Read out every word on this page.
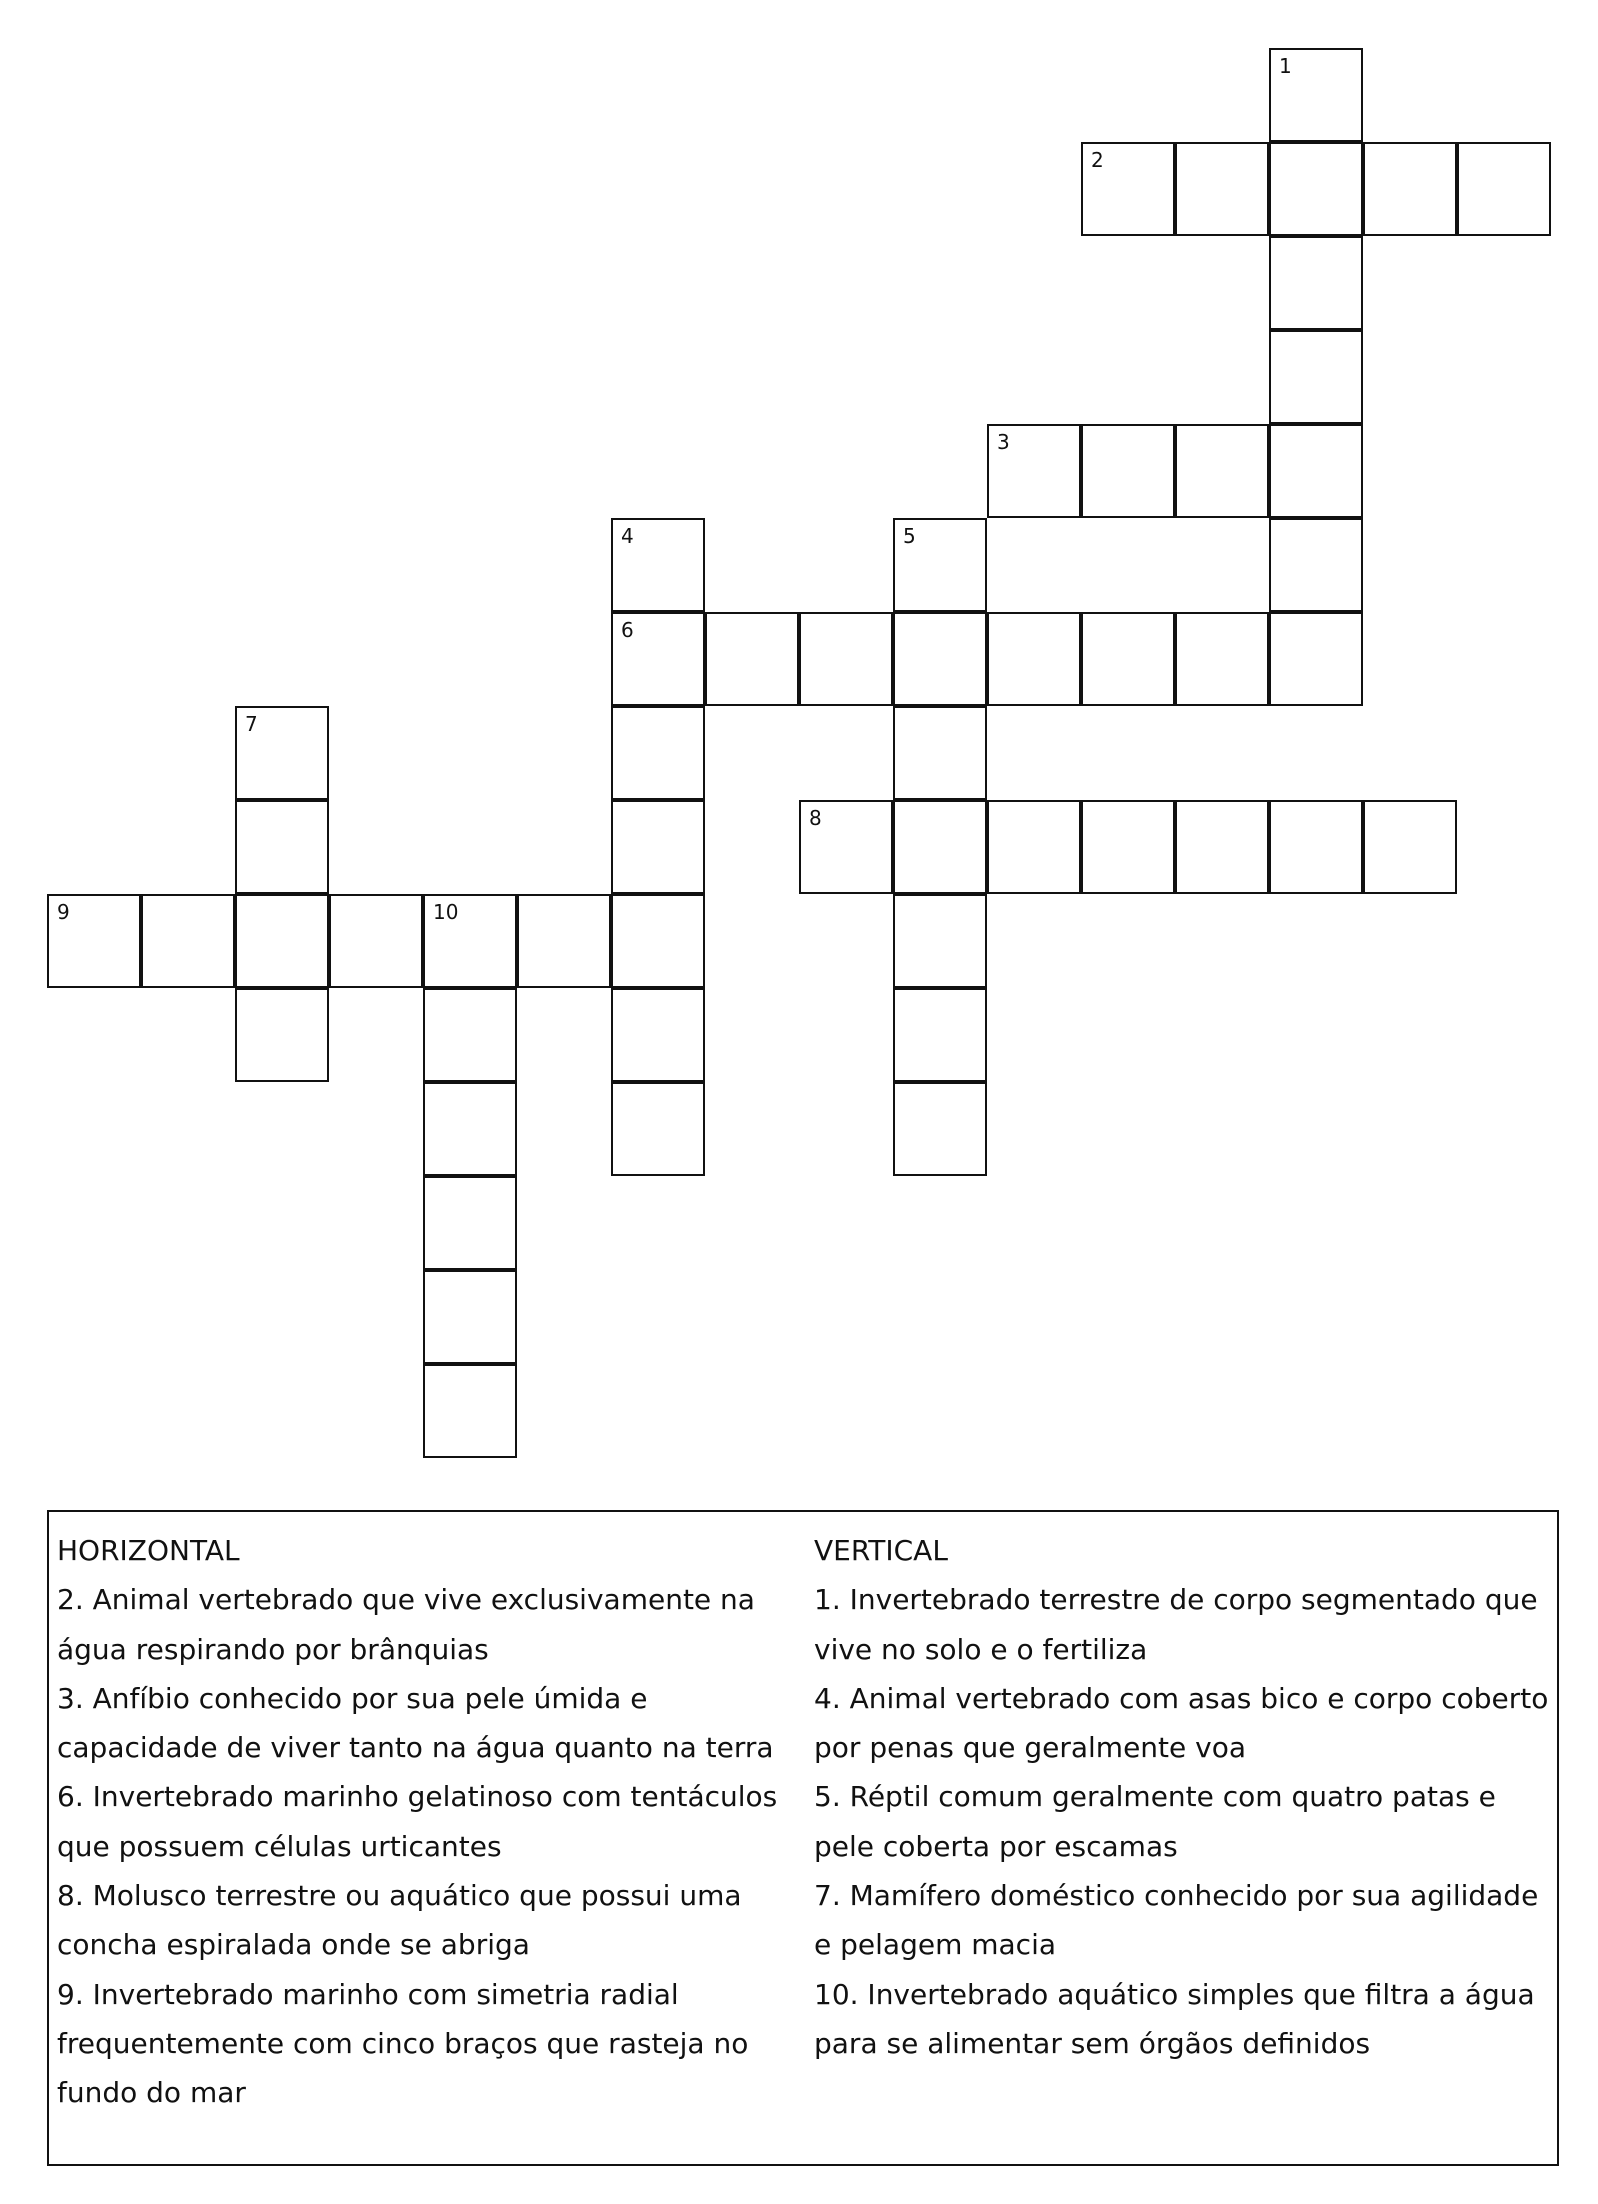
1
2
3
4
6
5
7
8
9	10
HORIZONTAL
2. Animal vertebrado que vive exclusivamente na água respirando por brânquias
3. Anfíbio conhecido por sua pele úmida e capacidade de viver tanto na água quanto na terra
6. Invertebrado marinho gelatinoso com tentáculos que possuem células urticantes
8. Molusco terrestre ou aquático que possui uma concha espiralada onde se abriga
9. Invertebrado marinho com simetria radial frequentemente com cinco braços que rasteja no fundo do mar
VERTICAL
1. Invertebrado terrestre de corpo segmentado que vive no solo e o fertiliza
4. Animal vertebrado com asas bico e corpo coberto por penas que geralmente voa
5. Réptil comum geralmente com quatro patas e pele coberta por escamas
7. Mamífero doméstico conhecido por sua agilidade e pelagem macia
10. Invertebrado aquático simples que filtra a água para se alimentar sem órgãos definidos
